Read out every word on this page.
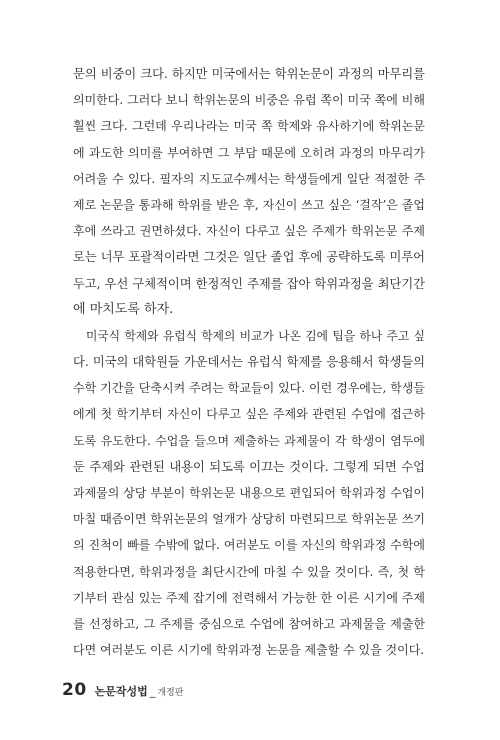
문의 비중이 크다. 하지만 미국에서는 학위논문이 과정의 마무리를
의미한다. 그러다 보니 학위논문의 비중은 유럽 쪽이 미국 쪽에 비해
훨씬 크다. 그런데 우리나라는 미국 쪽 학제와 유사하기에 학위논문
에 과도한 의미를 부여하면 그 부담 때문에 오히려 과정의 마무리가
어려울 수 있다. 필자의 지도교수께서는 학생들에게 일단 적절한 주
제로 논문을 통과해 학위를 받은 후, 자신이 쓰고 싶은 ‘걸작’은 졸업
후에 쓰라고 권면하셨다. 자신이 다루고 싶은 주제가 학위논문 주제
로는 너무 포괄적이라면 그것은 일단 졸업 후에 공략하도록 미루어
두고, 우선 구체적이며 한정적인 주제를 잡아 학위과정을 최단기간
에 마치도록 하자.
미국식 학제와 유럽식 학제의 비교가 나온 김에 팁을 하나 주고 싶
다. 미국의 대학원들 가운데서는 유럽식 학제를 응용해서 학생들의
수학 기간을 단축시켜 주려는 학교들이 있다. 이런 경우에는, 학생들
에게 첫 학기부터 자신이 다루고 싶은 주제와 관련된 수업에 접근하
도록 유도한다. 수업을 들으며 제출하는 과제물이 각 학생이 염두에
둔 주제와 관련된 내용이 되도록 이끄는 것이다. 그렇게 되면 수업
과제물의 상당 부분이 학위논문 내용으로 편입되어 학위과정 수업이
마칠 때즘이면 학위논문의 얼개가 상당히 마련되므로 학위논문 쓰기
의 진척이 빠를 수밖에 없다. 여러분도 이를 자신의 학위과정 수학에
적용한다면, 학위과정을 최단시간에 마칠 수 있을 것이다. 즉, 첫 학
기부터 관심 있는 주제 잡기에 전력해서 가능한 한 이른 시기에 주제
를 선정하고, 그 주제를 중심으로 수업에 참여하고 과제물을 제출한
다면 여러분도 이른 시기에 학위과정 논문을 제출할 수 있을 것이다.
20 논문작성법 _ 개정판
